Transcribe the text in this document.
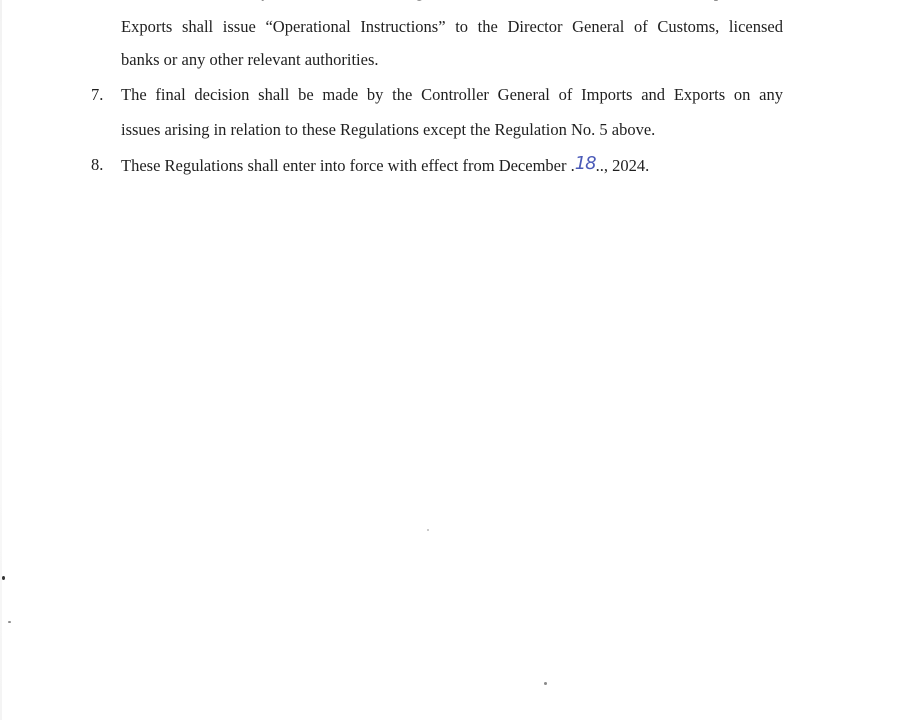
Exports shall issue “Operational Instructions” to the Director General of Customs, licensed
banks or any other relevant authorities.
7. The final decision shall be made by the Controller General of Imports and Exports on any
issues arising in relation to these Regulations except the Regulation No. 5 above.
8. These Regulations shall enter into force with effect from December .18.., 2024.
